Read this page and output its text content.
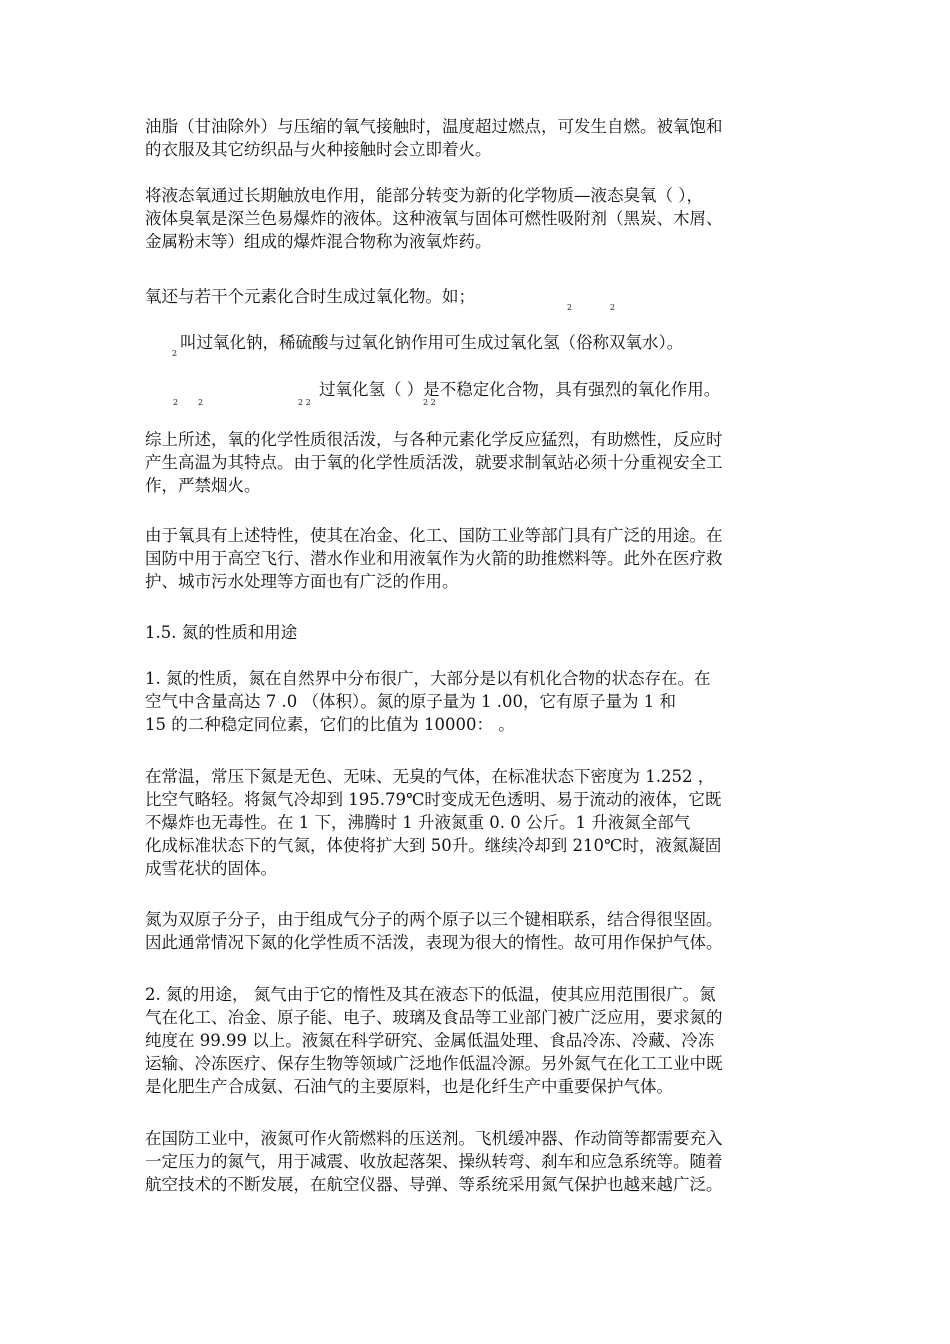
油脂（甘油除外）与压缩的氧气接触时，温度超过燃点，可发生自燃。被氧饱和
的衣服及其它纺织品与火种接触时会立即着火。

将液态氧通过长期触放电作用，能部分转变为新的化学物质—液态臭氧（ ），
液体臭氧是深兰色易爆炸的液体。这种液氧与固体可燃性吸附剂（黑炭、木屑、
金属粉末等）组成的爆炸混合物称为液氧炸药。

氧还与若干个元素化合时生成过氧化物。如；

2	2

叫过氧化钠，稀硫酸与过氧化钠作用可生成过氧化氢（俗称双氧水）。

2

过氧化氢（ ）是不稳定化合物，具有强烈的氧化作用。

2 2	2 2	2 2

综上所述，氧的化学性质很活泼，与各种元素化学反应猛烈，有助燃性，反应时
产生高温为其特点。由于氧的化学性质活泼，就要求制氧站必须十分重视安全工
作，严禁烟火。

由于氧具有上述特性，使其在冶金、化工、国防工业等部门具有广泛的用途。在
国防中用于高空飞行、潜水作业和用液氧作为火箭的助推燃料等。此外在医疗救
护、城市污水处理等方面也有广泛的作用。

1.5. 氮的性质和用途

1. 氮的性质，氮在自然界中分布很广，大部分是以有机化合物的状态存在。在
空气中含量高达 7 .0 （体积）。氮的原子量为 1 .00，它有原子量为 1 和
15 的二种稳定同位素，它们的比值为 10000： 。

在常温，常压下氮是无色、无味、无臭的气体，在标准状态下密度为 1.252 ，
比空气略轻。将氮气冷却到 195.79℃时变成无色透明、易于流动的液体，它既
不爆炸也无毒性。在 1 下，沸腾时 1 升液氮重 0. 0 公斤。1 升液氮全部气
化成标准状态下的气氮，体使将扩大到 50升。继续冷却到 210℃时，液氮凝固
成雪花状的固体。

氮为双原子分子，由于组成气分子的两个原子以三个键相联系，结合得很坚固。
因此通常情况下氮的化学性质不活泼，表现为很大的惰性。故可用作保护气体。

2. 氮的用途， 氮气由于它的惰性及其在液态下的低温，使其应用范围很广。氮
气在化工、冶金、原子能、电子、玻璃及食品等工业部门被广泛应用，要求氮的
纯度在 99.99 以上。液氮在科学研究、金属低温处理、食品冷冻、冷藏、冷冻
运输、冷冻医疗、保存生物等领域广泛地作低温冷源。另外氮气在化工工业中既
是化肥生产合成氨、石油气的主要原料，也是化纤生产中重要保护气体。

在国防工业中，液氮可作火箭燃料的压送剂。飞机缓冲器、作动筒等都需要充入
一定压力的氮气，用于减震、收放起落架、操纵转弯、刹车和应急系统等。随着
航空技术的不断发展，在航空仪器、导弹、等系统采用氮气保护也越来越广泛。
